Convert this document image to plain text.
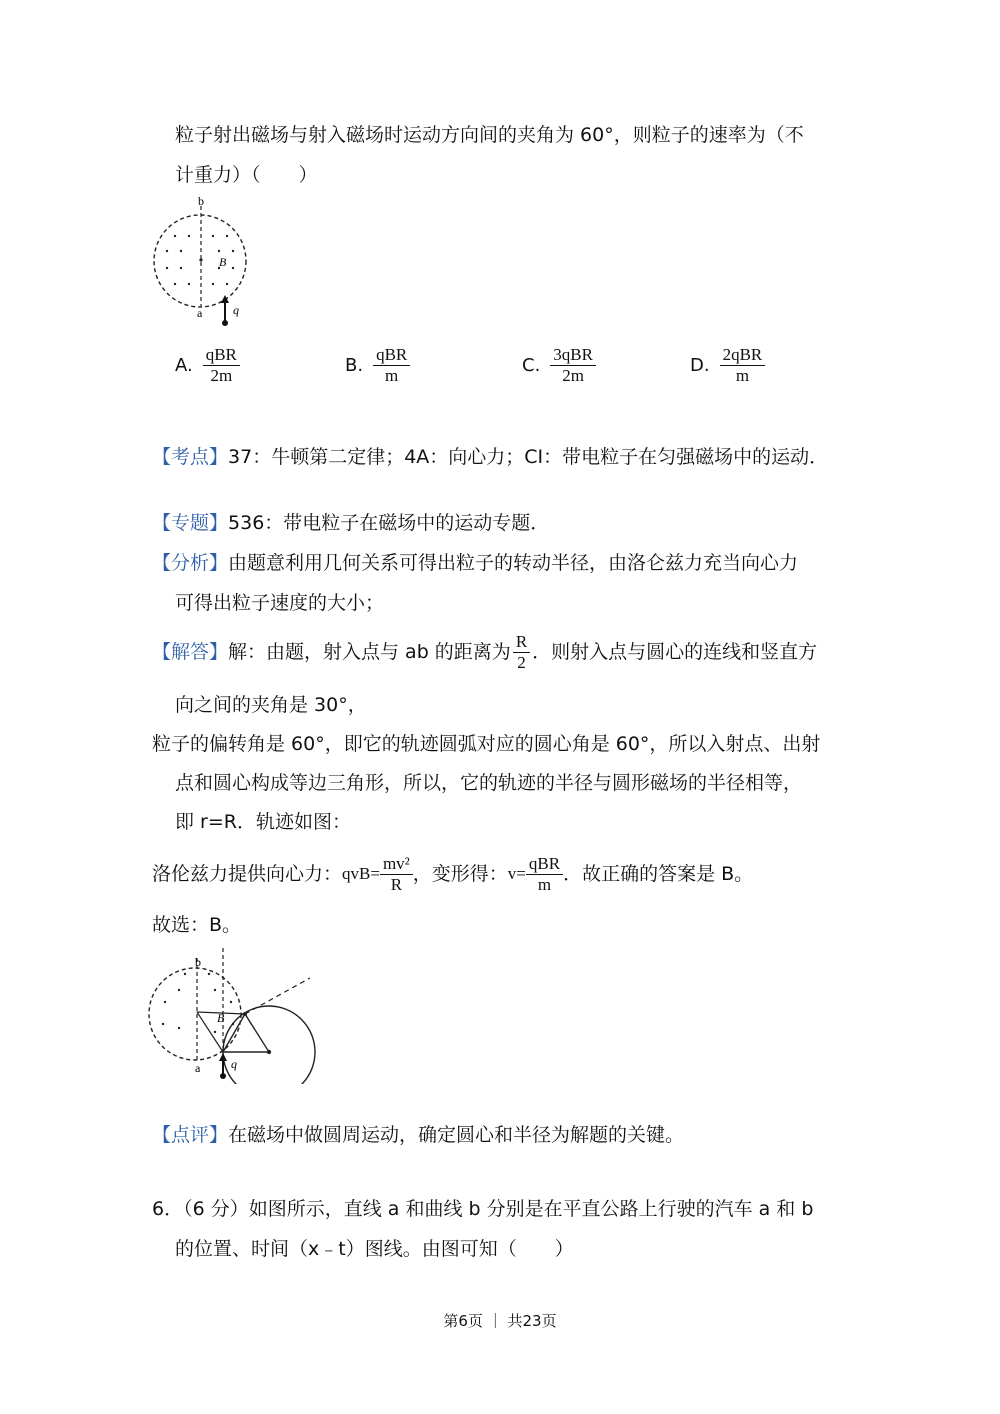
粒子射出磁场与射入磁场时运动方向间的夹角为 60°，则粒子的速率为（不
计重力）（　　）
b
B
a	q
A. $\frac{\text{qBR}}{2m}$	B. $\frac{\text{qBR}}{m}$	C. $\frac{\text{3qBR}}{2m}$	D. $\frac{\text{2qBR}}{m}$
【考点】37：牛顿第二定律；4A：向心力；CI：带电粒子在匀强磁场中的运动．
【专题】536：带电粒子在磁场中的运动专题．
【分析】由题意利用几何关系可得出粒子的转动半径，由洛仑兹力充当向心力
可得出粒子速度的大小；
【解答】 解：由题，射入点与 ab 的距离为 $\frac{R}{2}$ ．则射入点与圆心的连线和竖直方
向之间的夹角是 30°，
粒子的偏转角是 60°，即它的轨迹圆弧对应的圆心角是 60°，所以入射点、出射
点和圆心构成等边三角形，所以，它的轨迹的半径与圆形磁场的半径相等，
即 r=R．轨迹如图：
洛伦兹力提供向心力： $qvB= \frac{\text{mv²}}{R}$ ，变形得： $v= \frac{\text{qBR}}{m}$ ．故正确的答案是 B。
故选：B。
b
B
a	q
【点评】在磁场中做圆周运动，确定圆心和半径为解题的关键。
6．（6 分）如图所示，直线 a 和曲线 b 分别是在平直公路上行驶的汽车 a 和 b
的位置、时间（x﹣t）图线。由图可知（　　）
第6页 ｜ 共23页
